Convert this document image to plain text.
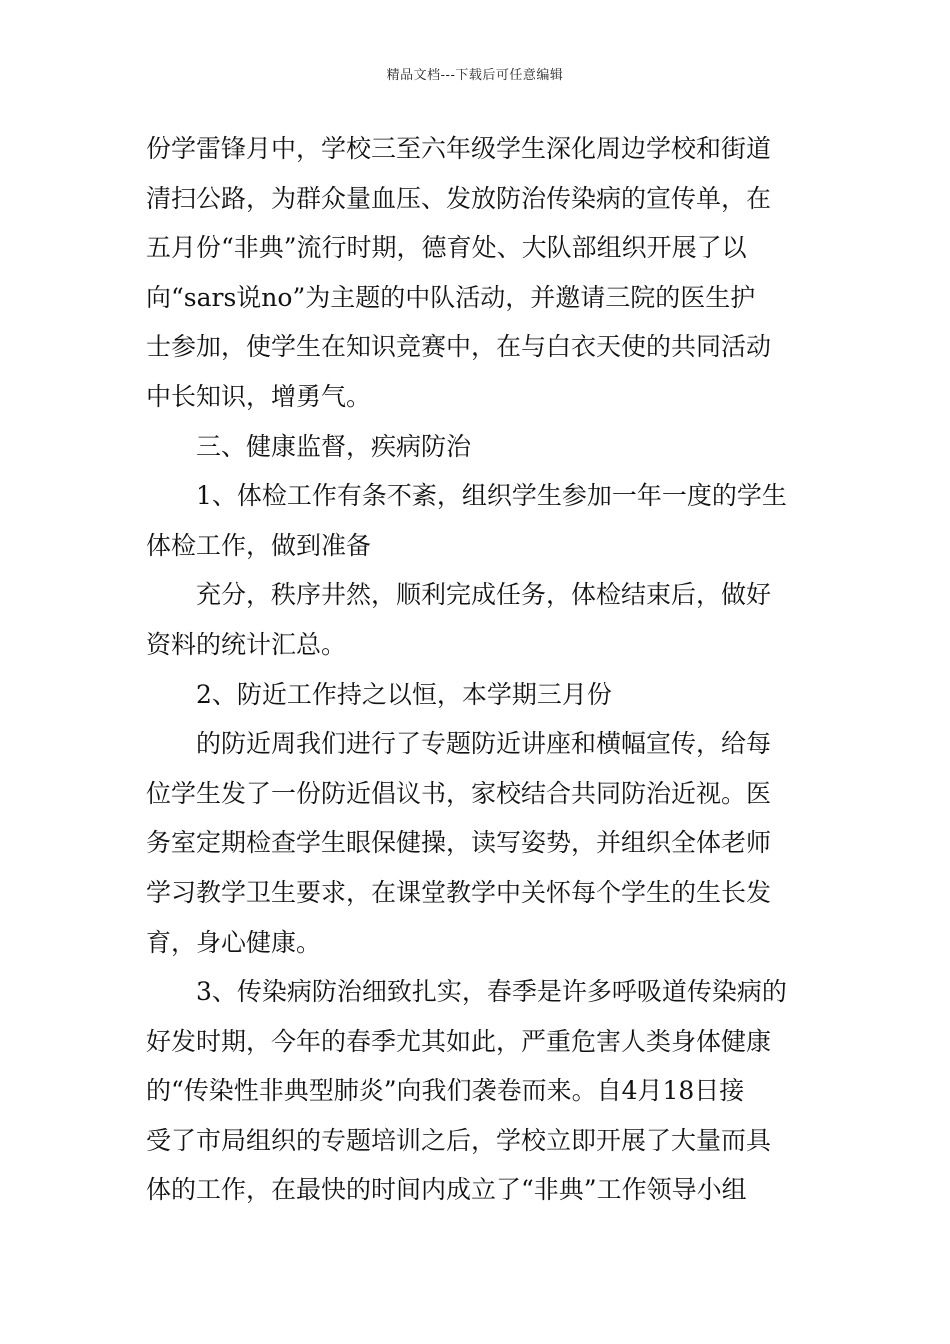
精品文档---下载后可任意编辑
份学雷锋月中，学校三至六年级学生深化周边学校和街道
清扫公路，为群众量血压、发放防治传染病的宣传单，在
五月份“非典”流行时期，德育处、大队部组织开展了以
向“sars说no”为主题的中队活动，并邀请三院的医生护
士参加，使学生在知识竞赛中，在与白衣天使的共同活动
中长知识，增勇气。
三、健康监督，疾病防治
1、体检工作有条不紊，组织学生参加一年一度的学生
体检工作，做到准备
充分，秩序井然，顺利完成任务，体检结束后，做好
资料的统计汇总。
2、防近工作持之以恒，本学期三月份
的防近周我们进行了专题防近讲座和横幅宣传，给每
位学生发了一份防近倡议书，家校结合共同防治近视。医
务室定期检查学生眼保健操，读写姿势，并组织全体老师
学习教学卫生要求，在课堂教学中关怀每个学生的生长发
育，身心健康。
3、传染病防治细致扎实，春季是许多呼吸道传染病的
好发时期，今年的春季尤其如此，严重危害人类身体健康
的“传染性非典型肺炎”向我们袭卷而来。自4月18日接
受了市局组织的专题培训之后，学校立即开展了大量而具
体的工作，在最快的时间内成立了“非典”工作领导小组
